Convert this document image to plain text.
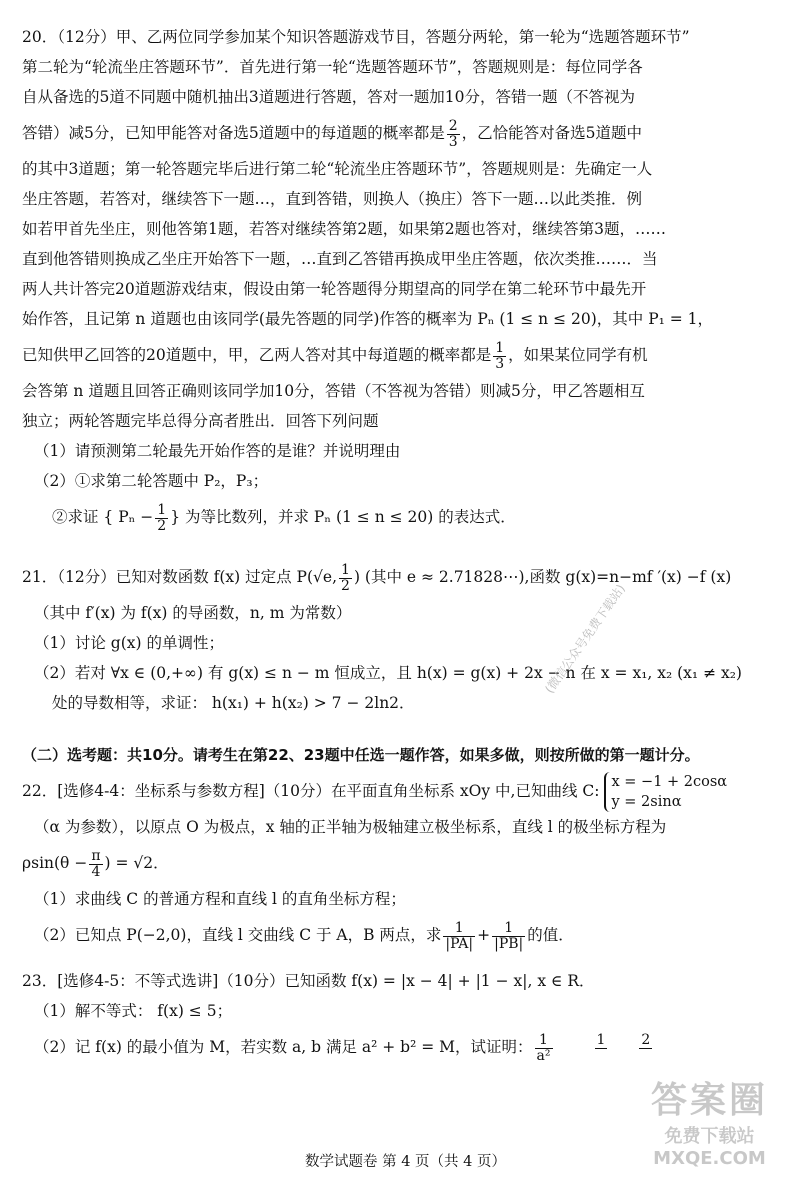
20．（12分）甲、乙两位同学参加某个知识答题游戏节目，答题分两轮，第一轮为“选题答题环节”
第二轮为“轮流坐庄答题环节”．首先进行第一轮“选题答题环节”，答题规则是：每位同学各
自从备选的5道不同题中随机抽出3道题进行答题，答对一题加10分，答错一题（不答视为
答错）减5分，已知甲能答对备选5道题中的每道题的概率都是 $\frac{2}{3}$ ，乙恰能答对备选5道题中
的其中3道题；第一轮答题完毕后进行第二轮“轮流坐庄答题环节”，答题规则是：先确定一人
坐庄答题，若答对，继续答下一题…，直到答错，则换人（换庄）答下一题…以此类推．例
如若甲首先坐庄，则他答第1题，若答对继续答第2题，如果第2题也答对，继续答第3题，……
直到他答错则换成乙坐庄开始答下一题，…直到乙答错再换成甲坐庄答题，依次类推……．当
两人共计答完20道题游戏结束，假设由第一轮答题得分期望高的同学在第二轮环节中最先开
始作答，且记第 n 道题也由该同学(最先答题的同学)作答的概率为 Pₙ (1 ≤ n ≤ 20)，其中 P₁ = 1，
已知供甲乙回答的20道题中，甲，乙两人答对其中每道题的概率都是 $\frac{1}{3}$ ，如果某位同学有机
会答第 n 道题且回答正确则该同学加10分，答错（不答视为答错）则减5分，甲乙答题相互
独立；两轮答题完毕总得分高者胜出．回答下列问题
（1）请预测第二轮最先开始作答的是谁？并说明理由
（2）①求第二轮答题中 P₂，P₃；
②求证 { $P_n - \frac{1}{2}$ } 为等比数列，并求 Pₙ (1 ≤ n ≤ 20) 的表达式．
21．（12分）已知对数函数 f(x) 过定点 P(√e, $\frac{1}{2}$ ) (其中 e ≈ 2.71828⋯),函数 g(x)=n−mf ′(x) −f (x)
（其中 f′(x) 为 f(x) 的导函数，n, m 为常数）
（1）讨论 g(x) 的单调性；
（2）若对 ∀x ∈ (0,+∞) 有 g(x) ≤ n − m 恒成立，且 h(x) = g(x) + 2x − n 在 x = x₁, x₂ (x₁ ≠ x₂)
处的导数相等，求证： h(x₁) + h(x₂) > 7 − 2ln2．
（二）选考题：共10分。请考生在第22、23题中任选一题作答，如果多做，则按所做的第一题计分。
22．[选修4-4：坐标系与参数方程]（10分）在平面直角坐标系 xOy 中,已知曲线 C: x = −1 + 2cosα
y = 2sinα
（α 为参数），以原点 O 为极点，x 轴的正半轴为极轴建立极坐标系，直线 l 的极坐标方程为
$\rho\sin(\theta - \frac{\pi}{4}$ ) = √2．
（1）求曲线 C 的普通方程和直线 l 的直角坐标方程；
（2）已知点 P(−2,0)，直线 l 交曲线 C 于 A，B 两点，求 $\frac{1}{|PA|} + \frac{1}{|PB|}$ 的值．
23．[选修4-5：不等式选讲]（10分）已知函数 f(x) = |x − 4| + |1 − x|, x ∈ R．
（1）解不等式： f(x) ≤ 5；
（2）记 f(x) 的最小值为 M，若实数 a, b 满足 a² + b² = M，试证明： $\frac{1}{\text{a²}}$	1
	2

(微信公众号免费下载站)
答案圈
免费下载站
MXQE.COM
数学试题卷 第 4 页（共 4 页）
